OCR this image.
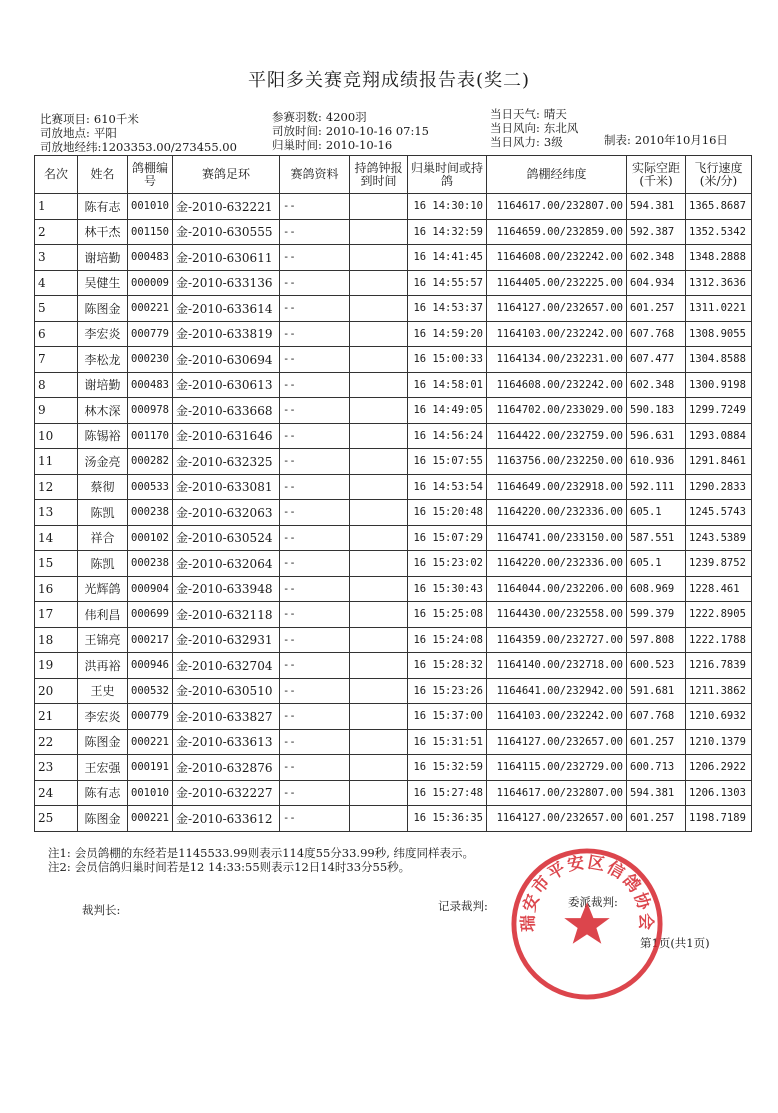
平阳多关赛竞翔成绩报告表(奖二)
比赛项目: 610千米
司放地点: 平阳
司放地经纬:1203353.00/273455.00
参赛羽数: 4200羽
司放时间: 2010-10-16 07:15
归巢时间: 2010-10-16
当日天气: 晴天
当日风向: 东北风
当日风力: 3级	制表: 2010年10月16日
名次	姓名	鸽棚编号	赛鸽足环	赛鸽资料	持鸽钟报到时间	归巢时间或持鸽	鸽棚经纬度	实际空距(千米)	飞行速度(米/分)
1	陈有志	001010	金-2010-632221	--		16 14:30:10	1164617.00/232807.00	594.381	1365.8687
2	林干杰	001150	金-2010-630555	--		16 14:32:59	1164659.00/232859.00	592.387	1352.5342
3	谢培勤	000483	金-2010-630611	--		16 14:41:45	1164608.00/232242.00	602.348	1348.2888
4	吴健生	000009	金-2010-633136	--		16 14:55:57	1164405.00/232225.00	604.934	1312.3636
5	陈图金	000221	金-2010-633614	--		16 14:53:37	1164127.00/232657.00	601.257	1311.0221
6	李宏炎	000779	金-2010-633819	--		16 14:59:20	1164103.00/232242.00	607.768	1308.9055
7	李松龙	000230	金-2010-630694	--		16 15:00:33	1164134.00/232231.00	607.477	1304.8588
8	谢培勤	000483	金-2010-630613	--		16 14:58:01	1164608.00/232242.00	602.348	1300.9198
9	林木深	000978	金-2010-633668	--		16 14:49:05	1164702.00/233029.00	590.183	1299.7249
10	陈锡裕	001170	金-2010-631646	--		16 14:56:24	1164422.00/232759.00	596.631	1293.0884
11	汤金亮	000282	金-2010-632325	--		16 15:07:55	1163756.00/232250.00	610.936	1291.8461
12	蔡彻	000533	金-2010-633081	--		16 14:53:54	1164649.00/232918.00	592.111	1290.2833
13	陈凯	000238	金-2010-632063	--		16 15:20:48	1164220.00/232336.00	605.1	1245.5743
14	祥合	000102	金-2010-630524	--		16 15:07:29	1164741.00/233150.00	587.551	1243.5389
15	陈凯	000238	金-2010-632064	--		16 15:23:02	1164220.00/232336.00	605.1	1239.8752
16	光辉鸽	000904	金-2010-633948	--		16 15:30:43	1164044.00/232206.00	608.969	1228.461
17	伟利昌	000699	金-2010-632118	--		16 15:25:08	1164430.00/232558.00	599.379	1222.8905
18	王锦亮	000217	金-2010-632931	--		16 15:24:08	1164359.00/232727.00	597.808	1222.1788
19	洪再裕	000946	金-2010-632704	--		16 15:28:32	1164140.00/232718.00	600.523	1216.7839
20	王史	000532	金-2010-630510	--		16 15:23:26	1164641.00/232942.00	591.681	1211.3862
21	李宏炎	000779	金-2010-633827	--		16 15:37:00	1164103.00/232242.00	607.768	1210.6932
22	陈图金	000221	金-2010-633613	--		16 15:31:51	1164127.00/232657.00	601.257	1210.1379
23	王宏强	000191	金-2010-632876	--		16 15:32:59	1164115.00/232729.00	600.713	1206.2922
24	陈有志	001010	金-2010-632227	--		16 15:27:48	1164617.00/232807.00	594.381	1206.1303
25	陈图金	000221	金-2010-633612	--		16 15:36:35	1164127.00/232657.00	601.257	1198.7189
注1: 会员鸽棚的东经若是1145533.99则表示114度55分33.99秒, 纬度同样表示。
注2: 会员信鸽归巢时间若是12 14:33:55则表示12日14时33分55秒。
裁判长:	记录裁判:	委派裁判:
第1页(共1页)
瑞安市平安区信鸽协会
